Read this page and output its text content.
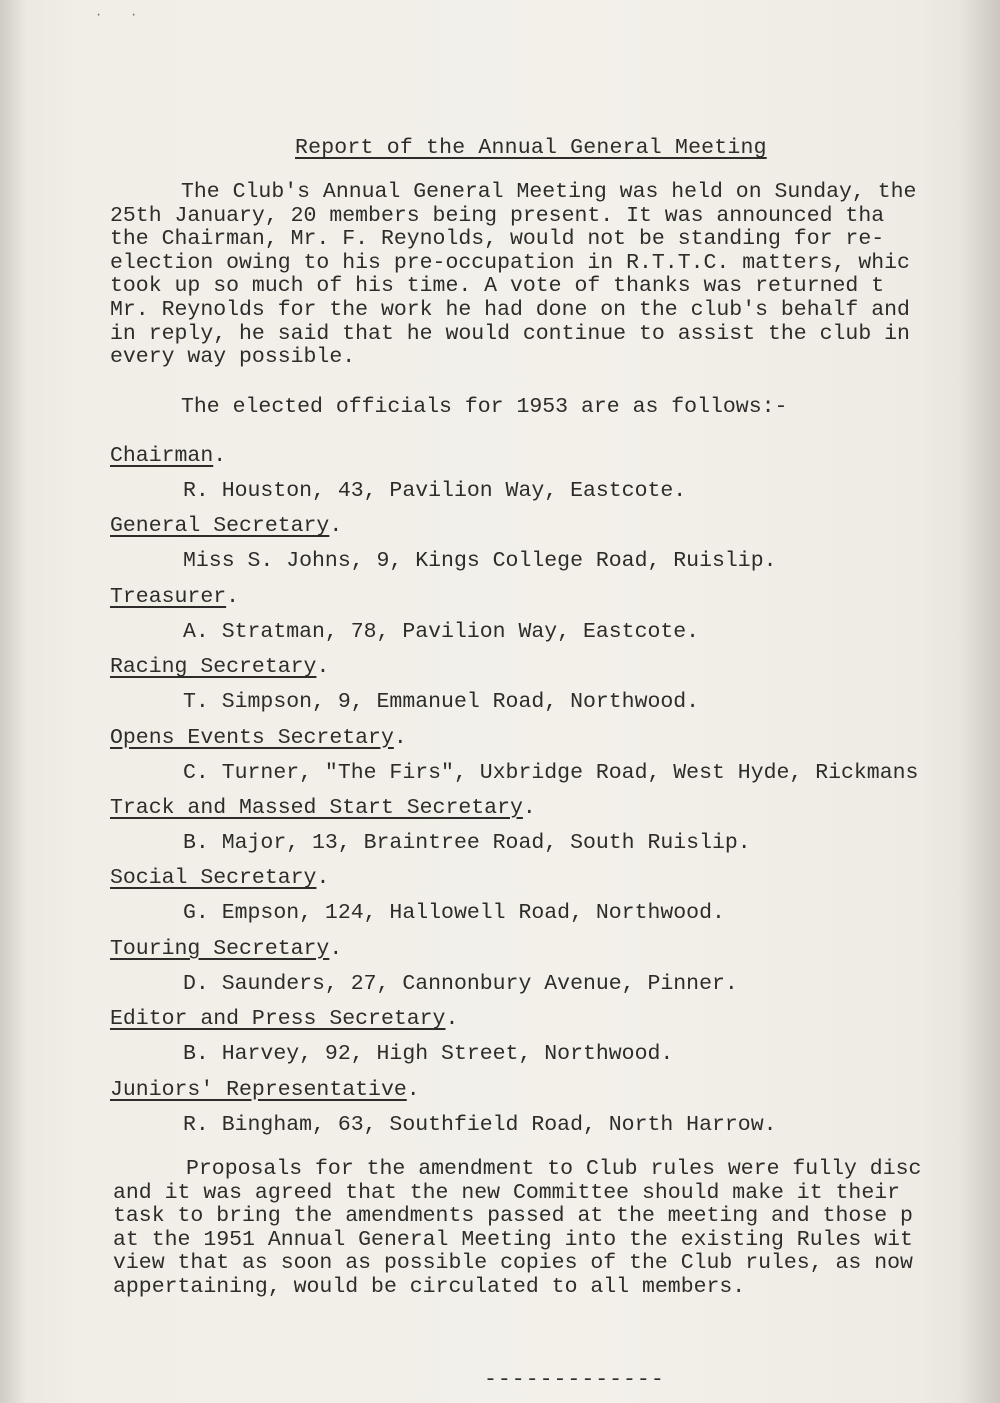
· ·
Report of the Annual General Meeting
The Club's Annual General Meeting was held on Sunday, the
25th January, 20 members being present. It was announced tha
the Chairman, Mr. F. Reynolds, would not be standing for re-
election owing to his pre-occupation in R.T.T.C. matters, whic
took up so much of his time. A vote of thanks was returned t
Mr. Reynolds for the work he had done on the club's behalf and
in reply, he said that he would continue to assist the club in
every way possible.
The elected officials for 1953 are as follows:-
Chairman.
R. Houston, 43, Pavilion Way, Eastcote.
General Secretary.
Miss S. Johns, 9, Kings College Road, Ruislip.
Treasurer.
A. Stratman, 78, Pavilion Way, Eastcote.
Racing Secretary.
T. Simpson, 9, Emmanuel Road, Northwood.
Opens Events Secretary.
C. Turner, "The Firs", Uxbridge Road, West Hyde, Rickmans
Track and Massed Start Secretary.
B. Major, 13, Braintree Road, South Ruislip.
Social Secretary.
G. Empson, 124, Hallowell Road, Northwood.
Touring Secretary.
D. Saunders, 27, Cannonbury Avenue, Pinner.
Editor and Press Secretary.
B. Harvey, 92, High Street, Northwood.
Juniors' Representative.
R. Bingham, 63, Southfield Road, North Harrow.
Proposals for the amendment to Club rules were fully disc
and it was agreed that the new Committee should make it their
task to bring the amendments passed at the meeting and those p
at the 1951 Annual General Meeting into the existing Rules wit
view that as soon as possible copies of the Club rules, as now
appertaining, would be circulated to all members.
-------------
